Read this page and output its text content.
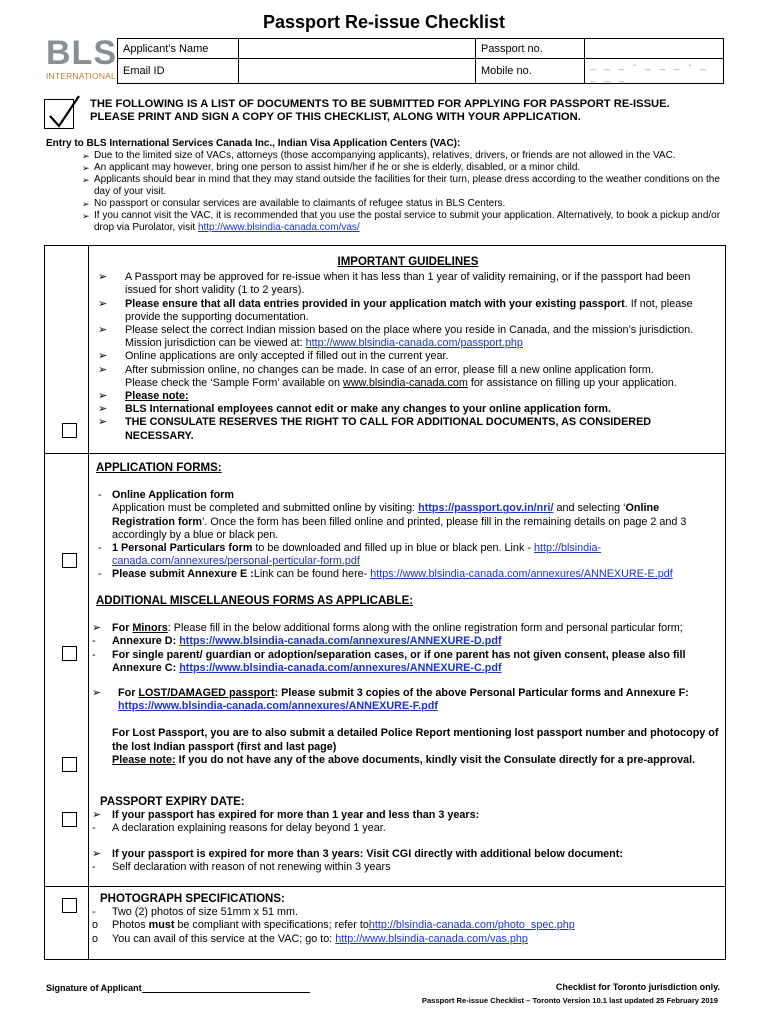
Passport Re-issue Checklist
BLS
INTERNATIONAL
Applicant’s Name		Passport no.	
Email ID		Mobile no.	_ _ _ - _ _ _ - _ _ _ _
THE FOLLOWING IS A LIST OF DOCUMENTS TO BE SUBMITTED FOR APPLYING FOR PASSPORT RE-ISSUE.
PLEASE PRINT AND SIGN A COPY OF THIS CHECKLIST, ALONG WITH YOUR APPLICATION.
Entry to BLS International Services Canada Inc., Indian Visa Application Centers (VAC):
➢ Due to the limited size of VACs, attorneys (those accompanying applicants), relatives, drivers, or friends are not allowed in the VAC.
➢ An applicant may however, bring one person to assist him/her if he or she is elderly, disabled, or a minor child.
➢ Applicants should bear in mind that they may stand outside the facilities for their turn, please dress according to the weather conditions on the day of your visit.
➢ No passport or consular services are available to claimants of refugee status in BLS Centers.
➢ If you cannot visit the VAC, it is recommended that you use the postal service to submit your application. Alternatively, to book a pickup and/or drop via Purolator, visit http://www.blsindia-canada.com/vas/
IMPORTANT GUIDELINES
➢ A Passport may be approved for re-issue when it has less than 1 year of validity remaining, or if the passport had been issued for short validity (1 to 2 years).
➢ Please ensure that all data entries provided in your application match with your existing passport. If not, please provide the supporting documentation.
➢ Please select the correct Indian mission based on the place where you reside in Canada, and the mission’s jurisdiction. Mission jurisdiction can be viewed at: http://www.blsindia-canada.com/passport.php
➢ Online applications are only accepted if filled out in the current year.
➢ After submission online, no changes can be made. In case of an error, please fill a new online application form.
Please check the ‘Sample Form’ available on www.blsindia-canada.com for assistance on filling up your application.
➢ Please note:
➢ BLS International employees cannot edit or make any changes to your online application form.
➢ THE CONSULATE RESERVES THE RIGHT TO CALL FOR ADDITIONAL DOCUMENTS, AS CONSIDERED NECESSARY.
APPLICATION FORMS:
- Online Application form
Application must be completed and submitted online by visiting: https://passport.gov.in/nri/ and selecting ‘Online Registration form’. Once the form has been filled online and printed, please fill in the remaining details on page 2 and 3 accordingly by a blue or black pen.
- 1 Personal Particulars form to be downloaded and filled up in blue or black pen. Link - http://blsindia-canada.com/annexures/personal-perticular-form.pdf
- Please submit Annexure E :Link can be found here- https://www.blsindia-canada.com/annexures/ANNEXURE-E.pdf
ADDITIONAL MISCELLANEOUS FORMS AS APPLICABLE:
➢ For Minors: Please fill in the below additional forms along with the online registration form and personal particular form;
- Annexure D: https://www.blsindia-canada.com/annexures/ANNEXURE-D.pdf
- For single parent/ guardian or adoption/separation cases, or if one parent has not given consent, please also fill Annexure C: https://www.blsindia-canada.com/annexures/ANNEXURE-C.pdf
➢ For LOST/DAMAGED passport: Please submit 3 copies of the above Personal Particular forms and Annexure F: https://www.blsindia-canada.com/annexures/ANNEXURE-F.pdf
For Lost Passport, you are to also submit a detailed Police Report mentioning lost passport number and photocopy of the lost Indian passport (first and last page)
Please note: If you do not have any of the above documents, kindly visit the Consulate directly for a pre-approval.
PASSPORT EXPIRY DATE:
➢ If your passport has expired for more than 1 year and less than 3 years:
- A declaration explaining reasons for delay beyond 1 year.
➢ If your passport is expired for more than 3 years: Visit CGI directly with additional below document:
- Self declaration with reason of not renewing within 3 years
PHOTOGRAPH SPECIFICATIONS:
- Two (2) photos of size 51mm x 51 mm.
o Photos must be compliant with specifications; refer tohttp://blsindia-canada.com/photo_spec.php
o You can avail of this service at the VAC; go to: http://www.blsindia-canada.com/vas.php
Signature of Applicant	Checklist for Toronto jurisdiction only.
Passport Re-issue Checklist – Toronto Version 10.1 last updated 25 February 2019
